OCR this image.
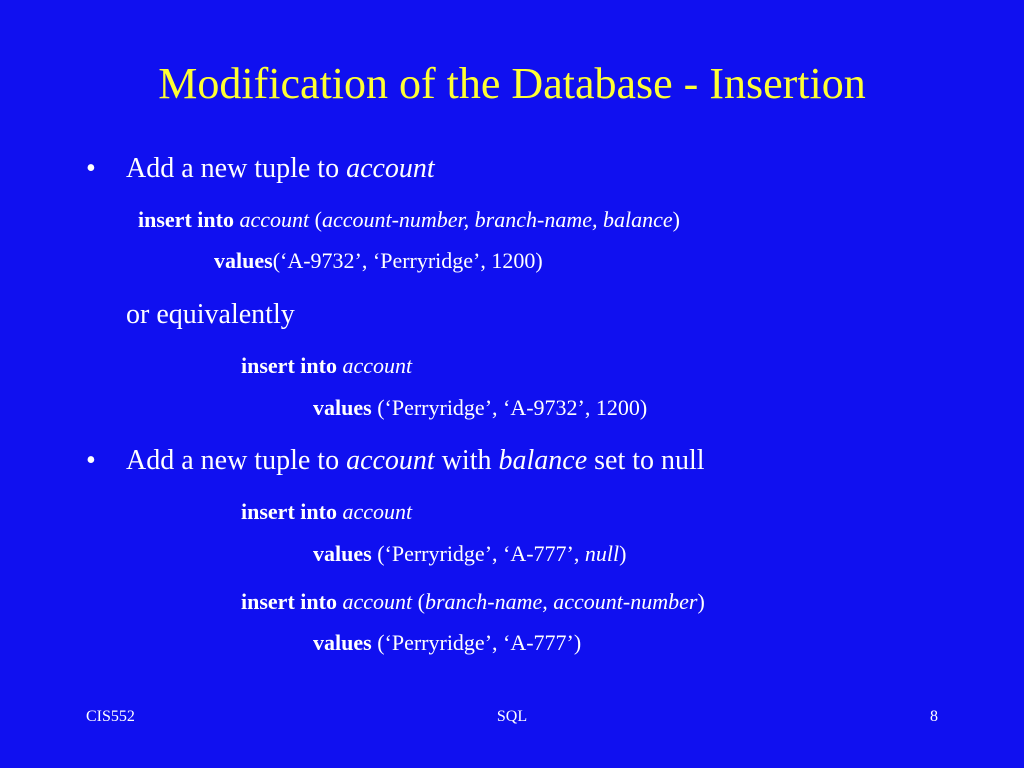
Modification of the Database - Insertion
• Add a new tuple to account
insert into account (account-number, branch-name, balance)
values(‘A-9732’, ‘Perryridge’, 1200)
or equivalently
insert into account
values (‘Perryridge’, ‘A-9732’, 1200)
• Add a new tuple to account with balance set to null
insert into account
values (‘Perryridge’, ‘A-777’, null)
insert into account (branch-name, account-number)
values (‘Perryridge’, ‘A-777’)
CIS552	SQL	8
